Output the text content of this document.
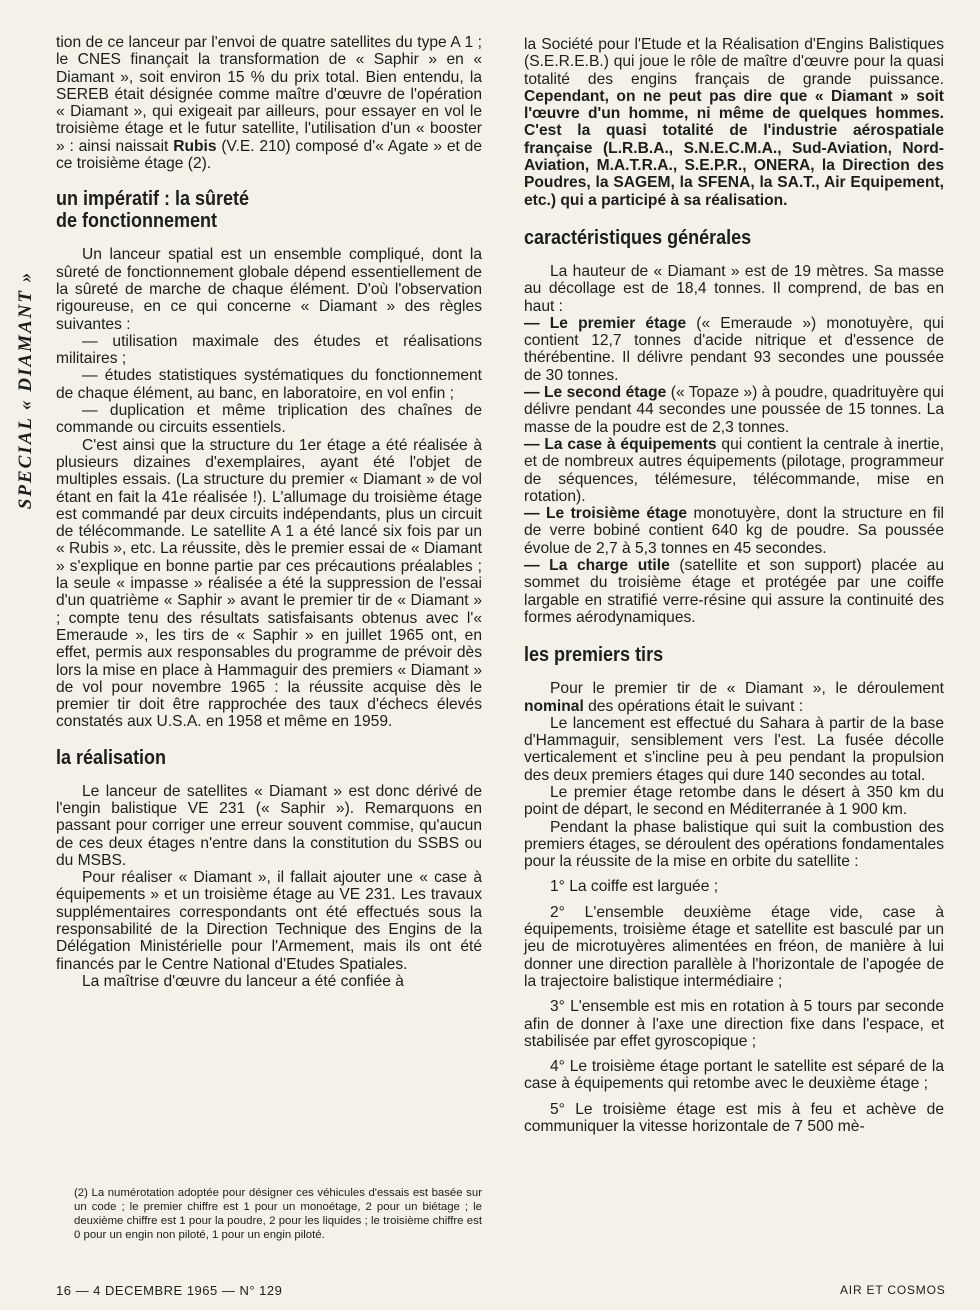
SPECIAL « DIAMANT »

tion de ce lanceur par l'envoi de quatre satellites du type A 1 ; le CNES finançait la transformation de « Saphir » en « Diamant », soit environ 15 % du prix total. Bien entendu, la SEREB était désignée comme maître d'œuvre de l'opération « Diamant », qui exigeait par ailleurs, pour essayer en vol le troisième étage et le futur satellite, l'utilisation d'un « booster » : ainsi naissait Rubis (V.E. 210) composé d'« Agate » et de ce troisième étage (2).

un impératif : la sûreté
de fonctionnement

Un lanceur spatial est un ensemble compliqué, dont la sûreté de fonctionnement globale dépend essentiellement de la sûreté de marche de chaque élément. D'où l'observation rigoureuse, en ce qui concerne « Diamant » des règles suivantes :

— utilisation maximale des études et réalisations militaires ;

— études statistiques systématiques du fonctionnement de chaque élément, au banc, en laboratoire, en vol enfin ;

— duplication et même triplication des chaînes de commande ou circuits essentiels.

C'est ainsi que la structure du 1er étage a été réalisée à plusieurs dizaines d'exemplaires, ayant été l'objet de multiples essais. (La structure du premier « Diamant » de vol étant en fait la 41e réalisée !). L'allumage du troisième étage est commandé par deux circuits indépendants, plus un circuit de télécommande. Le satellite A 1 a été lancé six fois par un « Rubis », etc. La réussite, dès le premier essai de « Diamant » s'explique en bonne partie par ces précautions préalables ; la seule « impasse » réalisée a été la suppression de l'essai d'un quatrième « Saphir » avant le premier tir de « Diamant » ; compte tenu des résultats satisfaisants obtenus avec l'« Emeraude », les tirs de « Saphir » en juillet 1965 ont, en effet, permis aux responsables du programme de prévoir dès lors la mise en place à Hammaguir des premiers « Diamant » de vol pour novembre 1965 : la réussite acquise dès le premier tir doit être rapprochée des taux d'échecs élevés constatés aux U.S.A. en 1958 et même en 1959.

la réalisation

Le lanceur de satellites « Diamant » est donc dérivé de l'engin balistique VE 231 (« Saphir »). Remarquons en passant pour corriger une erreur souvent commise, qu'aucun de ces deux étages n'entre dans la constitution du SSBS ou du MSBS.

Pour réaliser « Diamant », il fallait ajouter une « case à équipements » et un troisième étage au VE 231. Les travaux supplémentaires correspondants ont été effectués sous la responsabilité de la Direction Technique des Engins de la Délégation Ministérielle pour l'Armement, mais ils ont été financés par le Centre National d'Etudes Spatiales.

La maîtrise d'œuvre du lanceur a été confiée à

(2) La numérotation adoptée pour désigner ces véhicules d'essais est basée sur un code ; le premier chiffre est 1 pour un monoétage, 2 pour un biétage ; le deuxième chiffre est 1 pour la poudre, 2 pour les liquides ; le troisième chiffre est 0 pour un engin non piloté, 1 pour un engin piloté.

la Société pour l'Etude et la Réalisation d'Engins Balistiques (S.E.R.E.B.) qui joue le rôle de maître d'œuvre pour la quasi totalité des engins français de grande puissance. Cependant, on ne peut pas dire que « Diamant » soit l'œuvre d'un homme, ni même de quelques hommes. C'est la quasi totalité de l'industrie aérospatiale française (L.R.B.A., S.N.E.C.M.A., Sud-Aviation, Nord-Aviation, M.A.T.R.A., S.E.P.R., ONERA, la Direction des Poudres, la SAGEM, la SFENA, la SA.T., Air Equipement, etc.) qui a participé à sa réalisation.

caractéristiques générales

La hauteur de « Diamant » est de 19 mètres. Sa masse au décollage est de 18,4 tonnes. Il comprend, de bas en haut :

— Le premier étage (« Emeraude ») monotuyère, qui contient 12,7 tonnes d'acide nitrique et d'essence de thérébentine. Il délivre pendant 93 secondes une poussée de 30 tonnes.

— Le second étage (« Topaze ») à poudre, quadrituyère qui délivre pendant 44 secondes une poussée de 15 tonnes. La masse de la poudre est de 2,3 tonnes.

— La case à équipements qui contient la centrale à inertie, et de nombreux autres équipements (pilotage, programmeur de séquences, télémesure, télécommande, mise en rotation).

— Le troisième étage monotuyère, dont la structure en fil de verre bobiné contient 640 kg de poudre. Sa poussée évolue de 2,7 à 5,3 tonnes en 45 secondes.

— La charge utile (satellite et son support) placée au sommet du troisième étage et protégée par une coiffe largable en stratifié verre-résine qui assure la continuité des formes aérodynamiques.

les premiers tirs

Pour le premier tir de « Diamant », le déroulement nominal des opérations était le suivant :

Le lancement est effectué du Sahara à partir de la base d'Hammaguir, sensiblement vers l'est. La fusée décolle verticalement et s'incline peu à peu pendant la propulsion des deux premiers étages qui dure 140 secondes au total.

Le premier étage retombe dans le désert à 350 km du point de départ, le second en Méditerranée à 1 900 km.

Pendant la phase balistique qui suit la combustion des premiers étages, se déroulent des opérations fondamentales pour la réussite de la mise en orbite du satellite :

1° La coiffe est larguée ;

2° L'ensemble deuxième étage vide, case à équipements, troisième étage et satellite est basculé par un jeu de microtuyères alimentées en fréon, de manière à lui donner une direction parallèle à l'horizontale de l'apogée de la trajectoire balistique intermédiaire ;

3° L'ensemble est mis en rotation à 5 tours par seconde afin de donner à l'axe une direction fixe dans l'espace, et stabilisée par effet gyroscopique ;

4° Le troisième étage portant le satellite est séparé de la case à équipements qui retombe avec le deuxième étage ;

5° Le troisième étage est mis à feu et achève de communiquer la vitesse horizontale de 7 500 mè-

16 — 4 DECEMBRE 1965 — N° 129	AIR ET COSMOS
